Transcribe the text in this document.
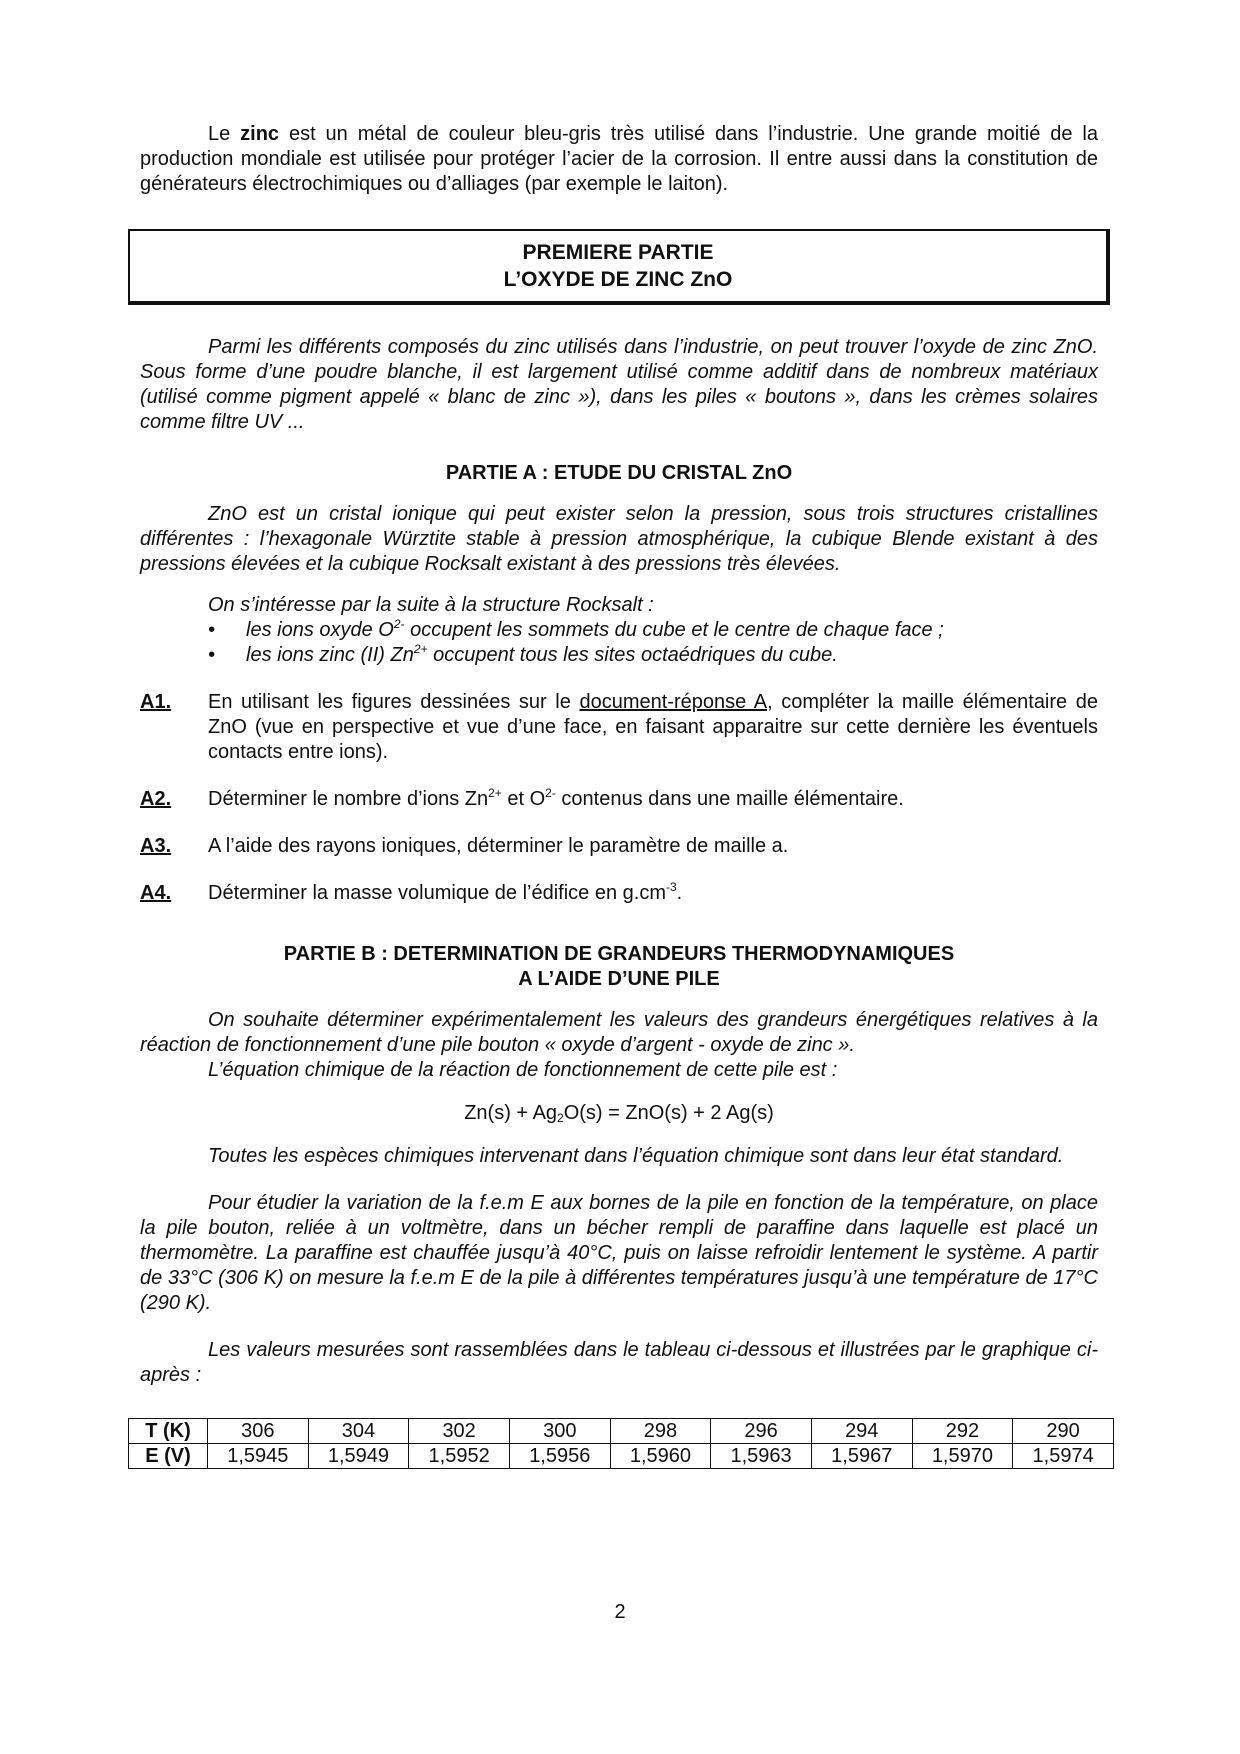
Le zinc est un métal de couleur bleu-gris très utilisé dans l’industrie. Une grande moitié de la production mondiale est utilisée pour protéger l’acier de la corrosion. Il entre aussi dans la constitution de générateurs électrochimiques ou d’alliages (par exemple le laiton).

PREMIERE PARTIE
L’OXYDE DE ZINC ZnO

Parmi les différents composés du zinc utilisés dans l’industrie, on peut trouver l’oxyde de zinc ZnO. Sous forme d’une poudre blanche, il est largement utilisé comme additif dans de nombreux matériaux (utilisé comme pigment appelé « blanc de zinc »), dans les piles « boutons », dans les crèmes solaires comme filtre UV ...

PARTIE A : ETUDE DU CRISTAL ZnO

ZnO est un cristal ionique qui peut exister selon la pression, sous trois structures cristallines différentes : l’hexagonale Würztite stable à pression atmosphérique, la cubique Blende existant à des pressions élevées et la cubique Rocksalt existant à des pressions très élevées.

On s’intéresse par la suite à la structure Rocksalt :

• les ions oxyde $O^{2-}$ occupent les sommets du cube et le centre de chaque face ;
• les ions zinc (II) $Zn^{2+}$ occupent tous les sites octaédriques du cube.
A1.	En utilisant les figures dessinées sur le document-réponse A, compléter la maille élémentaire de ZnO (vue en perspective et vue d’une face, en faisant apparaitre sur cette dernière les éventuels contacts entre ions).
A2.	Déterminer le nombre d’ions $Zn^{2+}$ et $O^{2-}$ contenus dans une maille élémentaire.
A3.	A l’aide des rayons ioniques, déterminer le paramètre de maille a.
A4.	Déterminer la masse volumique de l’édifice en $g.cm^{-3}$.
PARTIE B : DETERMINATION DE GRANDEURS THERMODYNAMIQUES
A L’AIDE D’UNE PILE

On souhaite déterminer expérimentalement les valeurs des grandeurs énergétiques relatives à la réaction de fonctionnement d’une pile bouton « oxyde d’argent - oxyde de zinc ».

L’équation chimique de la réaction de fonctionnement de cette pile est :

$Zn(s) + Ag_2O(s) = ZnO(s) + 2$ Ag(s)

Toutes les espèces chimiques intervenant dans l’équation chimique sont dans leur état standard.

Pour étudier la variation de la f.e.m E aux bornes de la pile en fonction de la température, on place la pile bouton, reliée à un voltmètre, dans un bécher rempli de paraffine dans laquelle est placé un thermomètre. La paraffine est chauffée jusqu’à 40°C, puis on laisse refroidir lentement le système. A partir de 33°C (306 K) on mesure la f.e.m E de la pile à différentes températures jusqu’à une température de 17°C (290 K).

Les valeurs mesurées sont rassemblées dans le tableau ci-dessous et illustrées par le graphique ci-après :

T (K)	306	304	302	300	298	296	294	292	290
E (V)	1,5945	1,5949	1,5952	1,5956	1,5960	1,5963	1,5967	1,5970	1,5974
2
